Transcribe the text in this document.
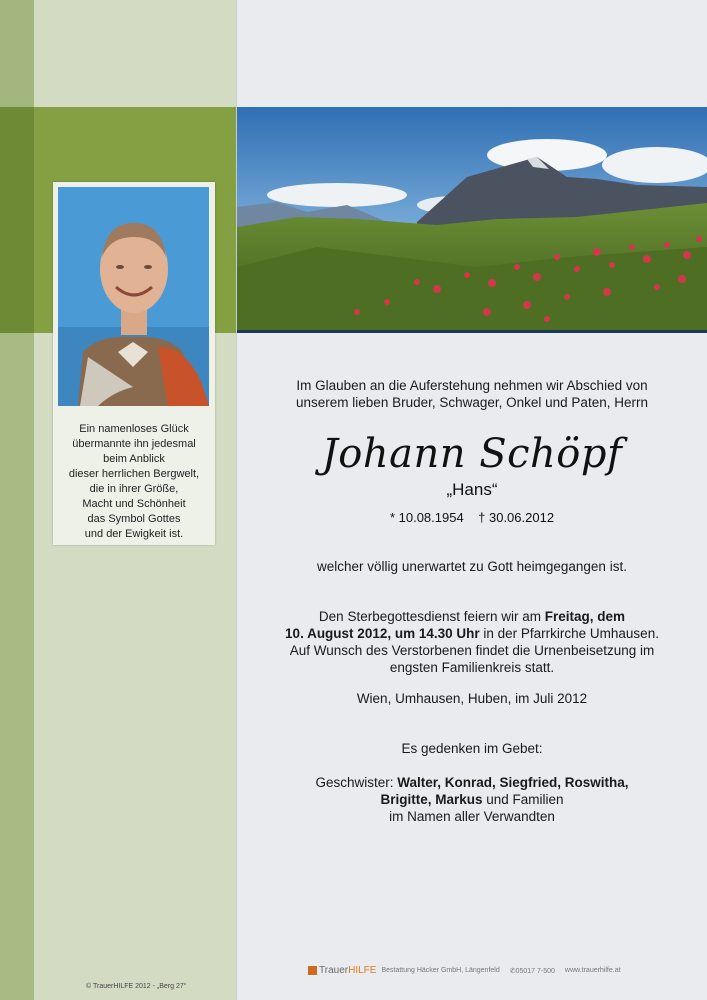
Ein namenloses Glück
übermannte ihn jedesmal
beim Anblick
dieser herrlichen Bergwelt,
die in ihrer Größe,
Macht und Schönheit
das Symbol Gottes
und der Ewigkeit ist.
Im Glauben an die Auferstehung nehmen wir Abschied von
unserem lieben Bruder, Schwager, Onkel und Paten, Herrn
Johann Schöpf
„Hans“
* 10.08.1954 † 30.06.2012
welcher völlig unerwartet zu Gott heimgegangen ist.
Den Sterbegottesdienst feiern wir am Freitag, dem
10. August 2012, um 14.30 Uhr in der Pfarrkirche Umhausen.
Auf Wunsch des Verstorbenen findet die Urnenbeisetzung im
engsten Familienkreis statt.
Wien, Umhausen, Huben, im Juli 2012
Es gedenken im Gebet:
Geschwister: Walter, Konrad, Siegfried, Roswitha,
Brigitte, Markus und Familien
im Namen aller Verwandten
TrauerHILFE Bestattung Häcker GmbH, Längenfeld ✆05017 7-500 www.trauerhilfe.at
© TrauerHILFE 2012 - „Berg 27“
